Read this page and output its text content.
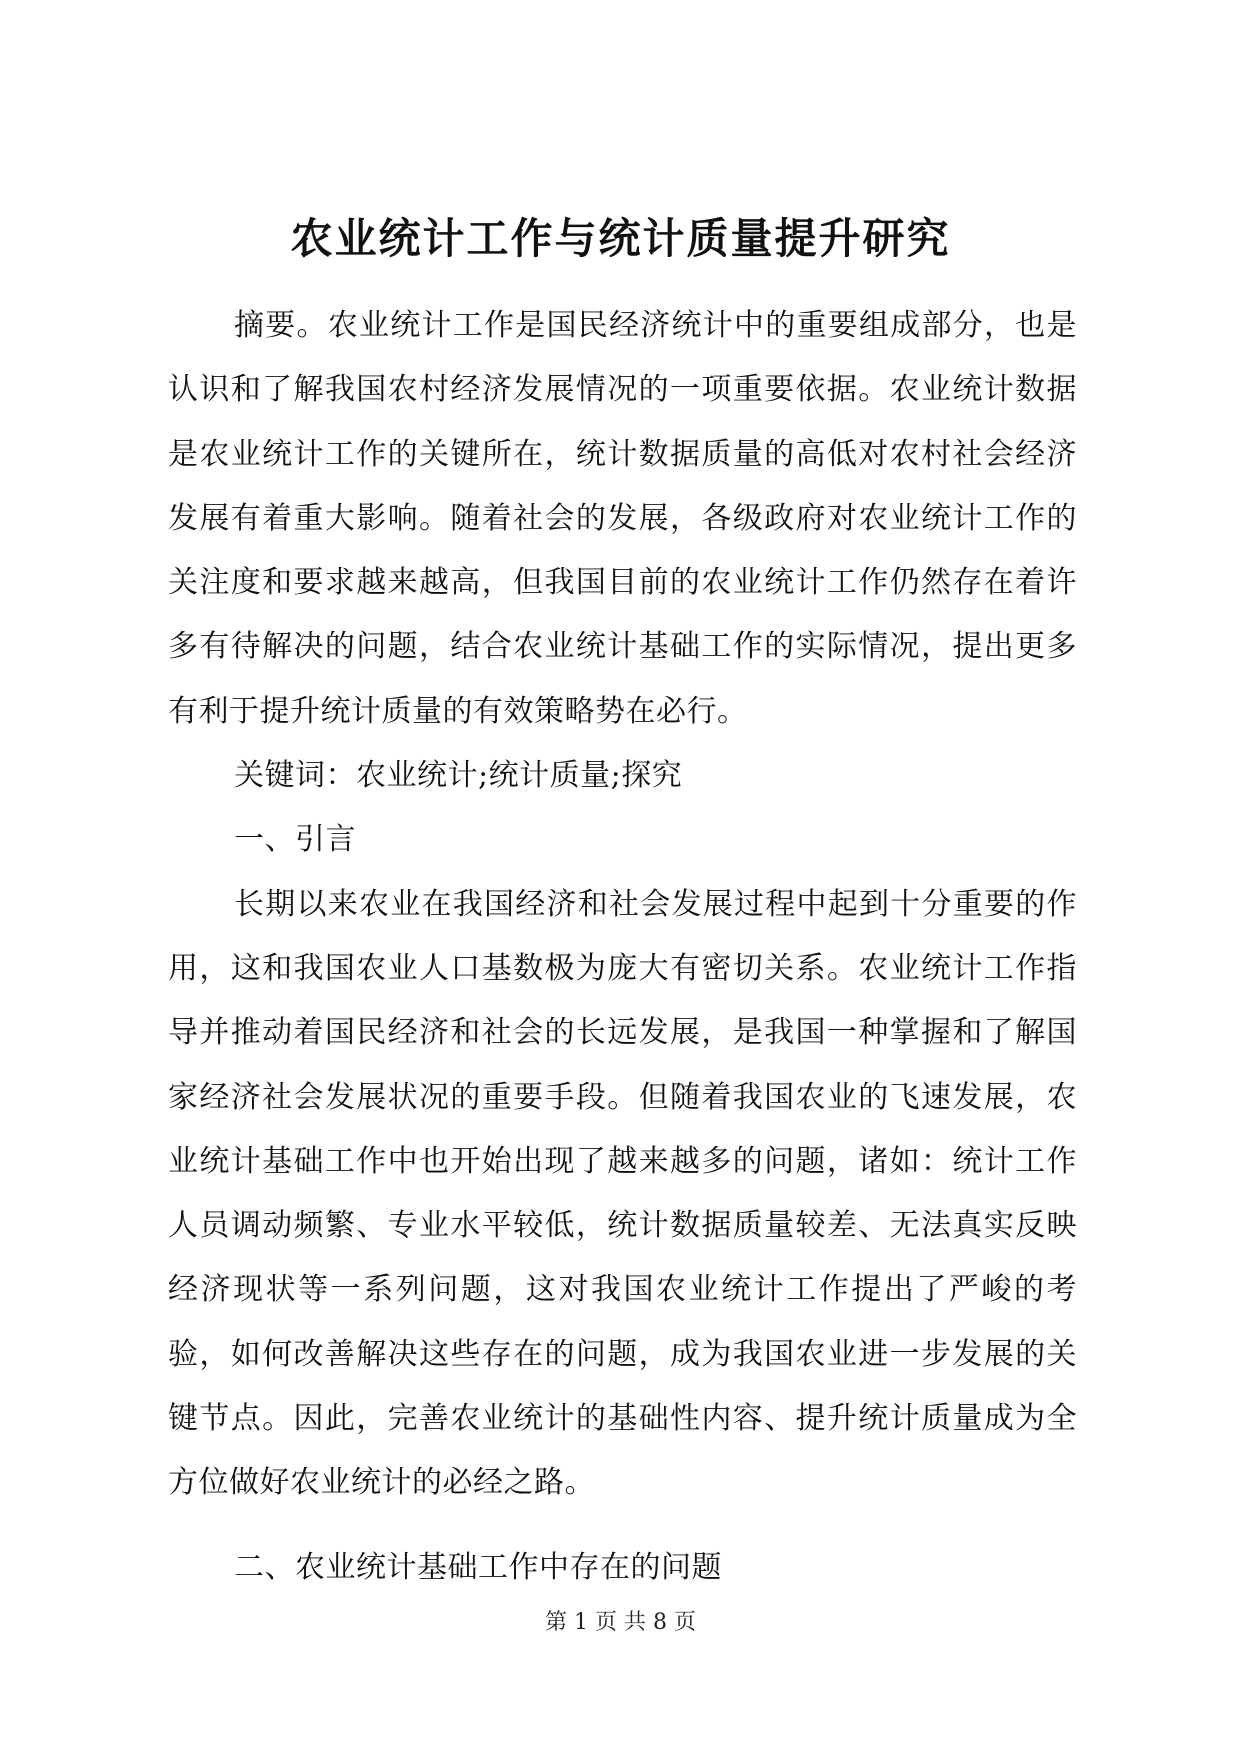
农业统计工作与统计质量提升研究

摘要。农业统计工作是国民经济统计中的重要组成部分，也是认识和了解我国农村经济发展情况的一项重要依据。农业统计数据是农业统计工作的关键所在，统计数据质量的高低对农村社会经济发展有着重大影响。随着社会的发展，各级政府对农业统计工作的关注度和要求越来越高，但我国目前的农业统计工作仍然存在着许多有待解决的问题，结合农业统计基础工作的实际情况，提出更多有利于提升统计质量的有效策略势在必行。

关键词：农业统计;统计质量;探究

一、引言

长期以来农业在我国经济和社会发展过程中起到十分重要的作用，这和我国农业人口基数极为庞大有密切关系。农业统计工作指导并推动着国民经济和社会的长远发展，是我国一种掌握和了解国家经济社会发展状况的重要手段。但随着我国农业的飞速发展，农业统计基础工作中也开始出现了越来越多的问题，诸如：统计工作人员调动频繁、专业水平较低，统计数据质量较差、无法真实反映经济现状等一系列问题，这对我国农业统计工作提出了严峻的考验，如何改善解决这些存在的问题，成为我国农业进一步发展的关键节点。因此，完善农业统计的基础性内容、提升统计质量成为全方位做好农业统计的必经之路。

二、农业统计基础工作中存在的问题

第 1 页 共 8 页
